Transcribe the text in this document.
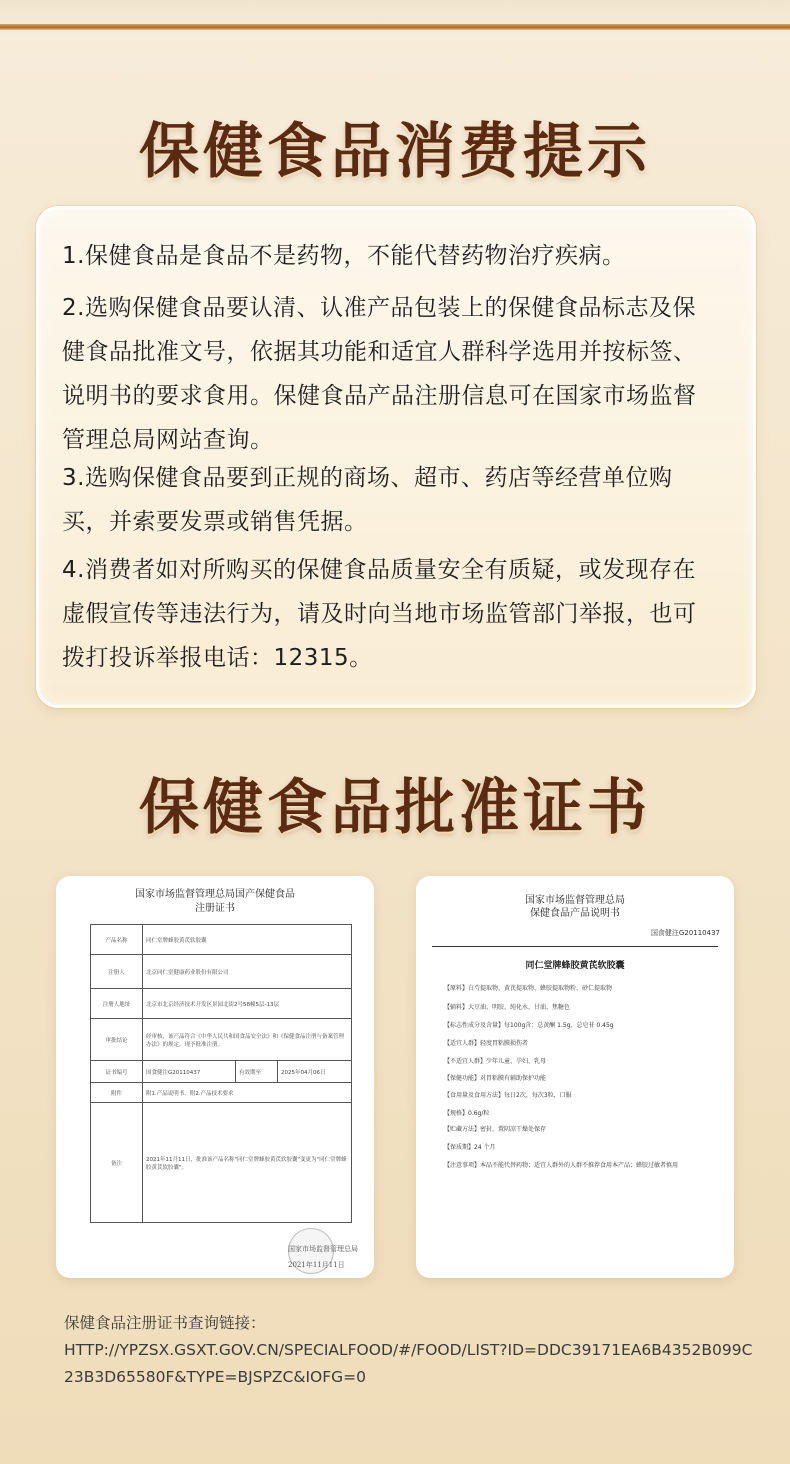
保健食品消费提示
1.保健食品是食品不是药物，不能代替药物治疗疾病。
2.选购保健食品要认清、认准产品包装上的保健食品标志及保健食品批准文号，依据其功能和适宜人群科学选用并按标签、说明书的要求食用。保健食品产品注册信息可在国家市场监督管理总局网站查询。
3.选购保健食品要到正规的商场、超市、药店等经营单位购买，并索要发票或销售凭据。
4.消费者如对所购买的保健食品质量安全有质疑，或发现存在虚假宣传等违法行为，请及时向当地市场监管部门举报，也可拨打投诉举报电话：12315。
保健食品批准证书
国家市场监督管理总局国产保健食品
注册证书
产品名称	同仁堂牌蜂胶黄芪软胶囊		
注册人	北京同仁堂健康药业股份有限公司		
注册人地址	北京市北京经济技术开发区景园北街2号58幢5层-13层		
审批结论	经审核，该产品符合《中华人民共和国食品安全法》和《保健食品注册与备案管理办法》的规定，现予批准注册。		
证书编号	国食健注G20110437	有效期至	2025年04月06日
附件	附1.产品说明书、附2.产品技术要求		
备注	2021年11月11日，批准该产品名称"同仁堂牌蜂胶黄芪软胶囊"变更为"同仁堂牌蜂胶黄芪软胶囊"。		
国家市场监督管理总局
2021年11月11日
国家市场监督管理总局
保健食品产品说明书
国食健注G20110437
同仁堂牌蜂胶黄芪软胶囊
【原料】白芍提取物、黄芪提取物、蜂胶提取物粉、砂仁提取物
【辅料】大豆油、明胶、纯化水、甘油、焦糖色
【标志性成分及含量】每100g含：总黄酮 1.5g、总皂苷 0.45g
【适宜人群】轻度胃粘膜损伤者
【不适宜人群】少年儿童、孕妇、乳母
【保健功能】对胃粘膜有辅助保护功能
【食用量及食用方法】每日2次，每次3粒，口服
【规格】0.6g/粒
【贮藏方法】密封，置阴凉干燥处保存
【保质期】24 个月
【注意事项】本品不能代替药物；适宜人群外的人群不推荐食用本产品；蜂胶过敏者慎用
保健食品注册证书查询链接：
HTTP://YPZSX.GSXT.GOV.CN/SPECIALFOOD/#/FOOD/LIST?ID=DDC39171EA6B4352B099C23B3D65580F&TYPE=BJSPZC&IOFG=0
